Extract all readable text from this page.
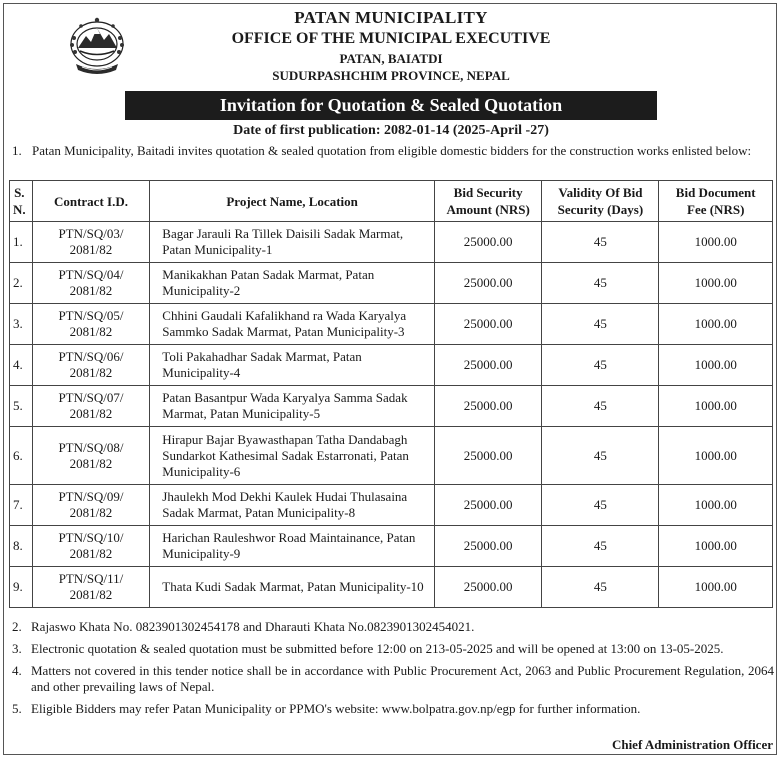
PATAN MUNICIPALITY
OFFICE OF THE MUNICIPAL EXECUTIVE
PATAN, BAIATDI
SUDURPASHCHIM PROVINCE, NEPAL
Invitation for Quotation & Sealed Quotation
Date of first publication: 2082-01-14 (2025-April -27)
1. Patan Municipality, Baitadi invites quotation & sealed quotation from eligible domestic bidders for the construction works enlisted below:
S. N.	Contract I.D.	Project Name, Location	Bid Security Amount (NRS)	Validity Of Bid Security (Days)	Bid Document Fee (NRS)
1.	PTN/SQ/03/ 2081/82	Bagar Jarauli Ra Tillek Daisili Sadak Marmat, Patan Municipality-1	25000.00	45	1000.00
2.	PTN/SQ/04/ 2081/82	Manikakhan Patan Sadak Marmat, Patan Municipality-2	25000.00	45	1000.00
3.	PTN/SQ/05/ 2081/82	Chhini Gaudali Kafalikhand ra Wada Karyalya Sammko Sadak Marmat, Patan Municipality-3	25000.00	45	1000.00
4.	PTN/SQ/06/ 2081/82	Toli Pakahadhar Sadak Marmat, Patan Municipality-4	25000.00	45	1000.00
5.	PTN/SQ/07/ 2081/82	Patan Basantpur Wada Karyalya Samma Sadak Marmat, Patan Municipality-5	25000.00	45	1000.00
6.	PTN/SQ/08/ 2081/82	Hirapur Bajar Byawasthapan Tatha Dandabagh Sundarkot Kathesimal Sadak Estarronati, Patan Municipality-6	25000.00	45	1000.00
7.	PTN/SQ/09/ 2081/82	Jhaulekh Mod Dekhi Kaulek Hudai Thulasaina Sadak Marmat, Patan Municipality-8	25000.00	45	1000.00
8.	PTN/SQ/10/ 2081/82	Harichan Rauleshwor Road Maintainance, Patan Municipality-9	25000.00	45	1000.00
9.	PTN/SQ/11/ 2081/82	Thata Kudi Sadak Marmat, Patan Municipality-10	25000.00	45	1000.00
2. Rajaswo Khata No. 0823901302454178 and Dharauti Khata No.0823901302454021.
3. Electronic quotation & sealed quotation must be submitted before 12:00 on 213-05-2025 and will be opened at 13:00 on 13-05-2025.
4. Matters not covered in this tender notice shall be in accordance with Public Procurement Act, 2063 and Public Procurement Regulation, 2064 and other prevailing laws of Nepal.
5. Eligible Bidders may refer Patan Municipality or PPMO's website: www.bolpatra.gov.np/egp for further information.
Chief Administration Officer
